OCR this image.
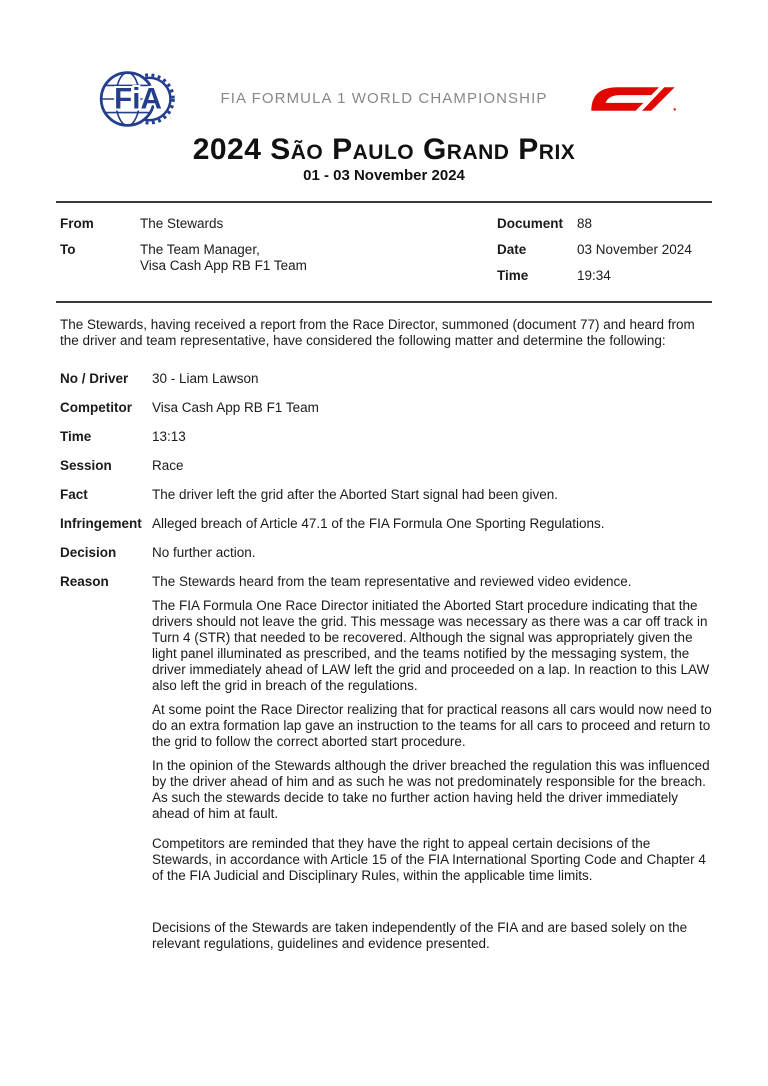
FiA	FIA FORMULA 1 WORLD CHAMPIONSHIP
2024 São Paulo Grand Prix
01 - 03 November 2024
From	The Stewards
To	The Team Manager,
Visa Cash App RB F1 Team
Document	88
Date	03 November 2024
Time	19:34

The Stewards, having received a report from the Race Director, summoned (document 77) and heard from the driver and team representative, have considered the following matter and determine the following:

No / Driver	30 - Liam Lawson
Competitor	Visa Cash App RB F1 Team
Time	13:13
Session	Race
Fact	The driver left the grid after the Aborted Start signal had been given.
Infringement Alleged breach of Article 47.1 of the FIA Formula One Sporting Regulations.
Decision	No further action.
Reason	The Stewards heard from the team representative and reviewed video evidence.

The FIA Formula One Race Director initiated the Aborted Start procedure indicating that the drivers should not leave the grid. This message was necessary as there was a car off track in Turn 4 (STR) that needed to be recovered. Although the signal was appropriately given the light panel illuminated as prescribed, and the teams notified by the messaging system, the driver immediately ahead of LAW left the grid and proceeded on a lap. In reaction to this LAW also left the grid in breach of the regulations.

At some point the Race Director realizing that for practical reasons all cars would now need to do an extra formation lap gave an instruction to the teams for all cars to proceed and return to the grid to follow the correct aborted start procedure.

In the opinion of the Stewards although the driver breached the regulation this was influenced by the driver ahead of him and as such he was not predominately responsible for the breach. As such the stewards decide to take no further action having held the driver immediately ahead of him at fault.

Competitors are reminded that they have the right to appeal certain decisions of the Stewards, in accordance with Article 15 of the FIA International Sporting Code and Chapter 4 of the FIA Judicial and Disciplinary Rules, within the applicable time limits.

Decisions of the Stewards are taken independently of the FIA and are based solely on the relevant regulations, guidelines and evidence presented.
